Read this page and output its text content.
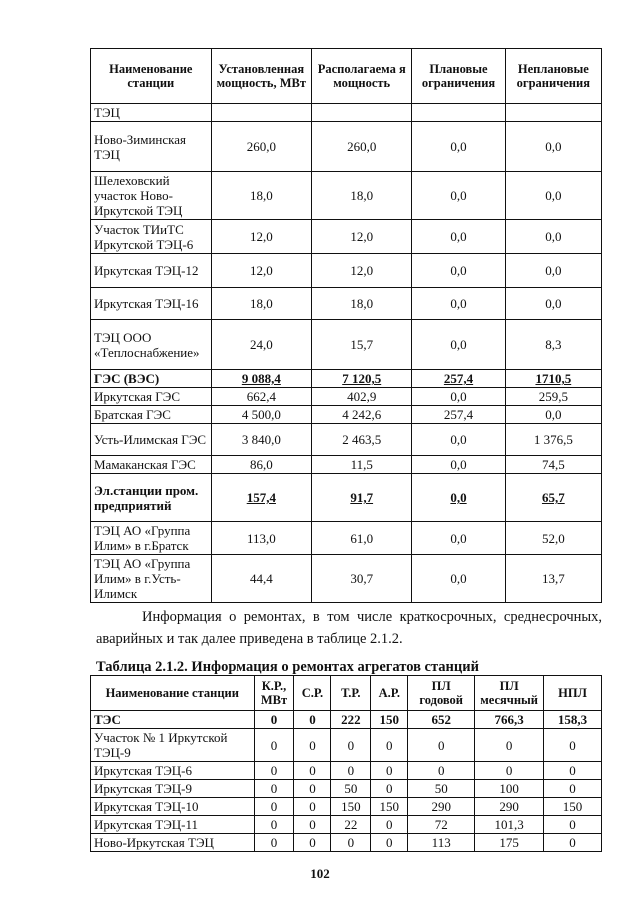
Наименование станции	Установленная мощность, МВт	Располагаема я мощность	Плановые ограничения	Неплановые ограничения
ТЭЦ				
Ново-Зиминская ТЭЦ	260,0	260,0	0,0	0,0
Шелеховский участок Ново-Иркутской ТЭЦ	18,0	18,0	0,0	0,0
Участок ТИиТС Иркутской ТЭЦ-6	12,0	12,0	0,0	0,0
Иркутская ТЭЦ-12	12,0	12,0	0,0	0,0
Иркутская ТЭЦ-16	18,0	18,0	0,0	0,0
ТЭЦ ООО «Теплоснабжение»	24,0	15,7	0,0	8,3
ГЭС (ВЭС)	9 088,4	7 120,5	257,4	1710,5
Иркутская ГЭС	662,4	402,9	0,0	259,5
Братская ГЭС	4 500,0	4 242,6	257,4	0,0
Усть-Илимская ГЭС	3 840,0	2 463,5	0,0	1 376,5
Мамаканская ГЭС	86,0	11,5	0,0	74,5
Эл.станции пром. предприятий	157,4	91,7	0,0	65,7
ТЭЦ АО «Группа Илим» в г.Братск	113,0	61,0	0,0	52,0
ТЭЦ АО «Группа Илим» в г.Усть-Илимск	44,4	30,7	0,0	13,7

Информация о ремонтах, в том числе краткосрочных, среднесрочных, аварийных и так далее приведена в таблице 2.1.2.

Таблица 2.1.2. Информация о ремонтах агрегатов станций
Наименование станции	К.Р., МВт	С.Р.	Т.Р.	А.Р.	ПЛ годовой	ПЛ месячный	НПЛ
ТЭС	0	0	222	150	652	766,3	158,3
Участок № 1 Иркутской ТЭЦ-9	0	0	0	0	0	0	0
Иркутская ТЭЦ-6	0	0	0	0	0	0	0
Иркутская ТЭЦ-9	0	0	50	0	50	100	0
Иркутская ТЭЦ-10	0	0	150	150	290	290	150
Иркутская ТЭЦ-11	0	0	22	0	72	101,3	0
Ново-Иркутская ТЭЦ	0	0	0	0	113	175	0
102
